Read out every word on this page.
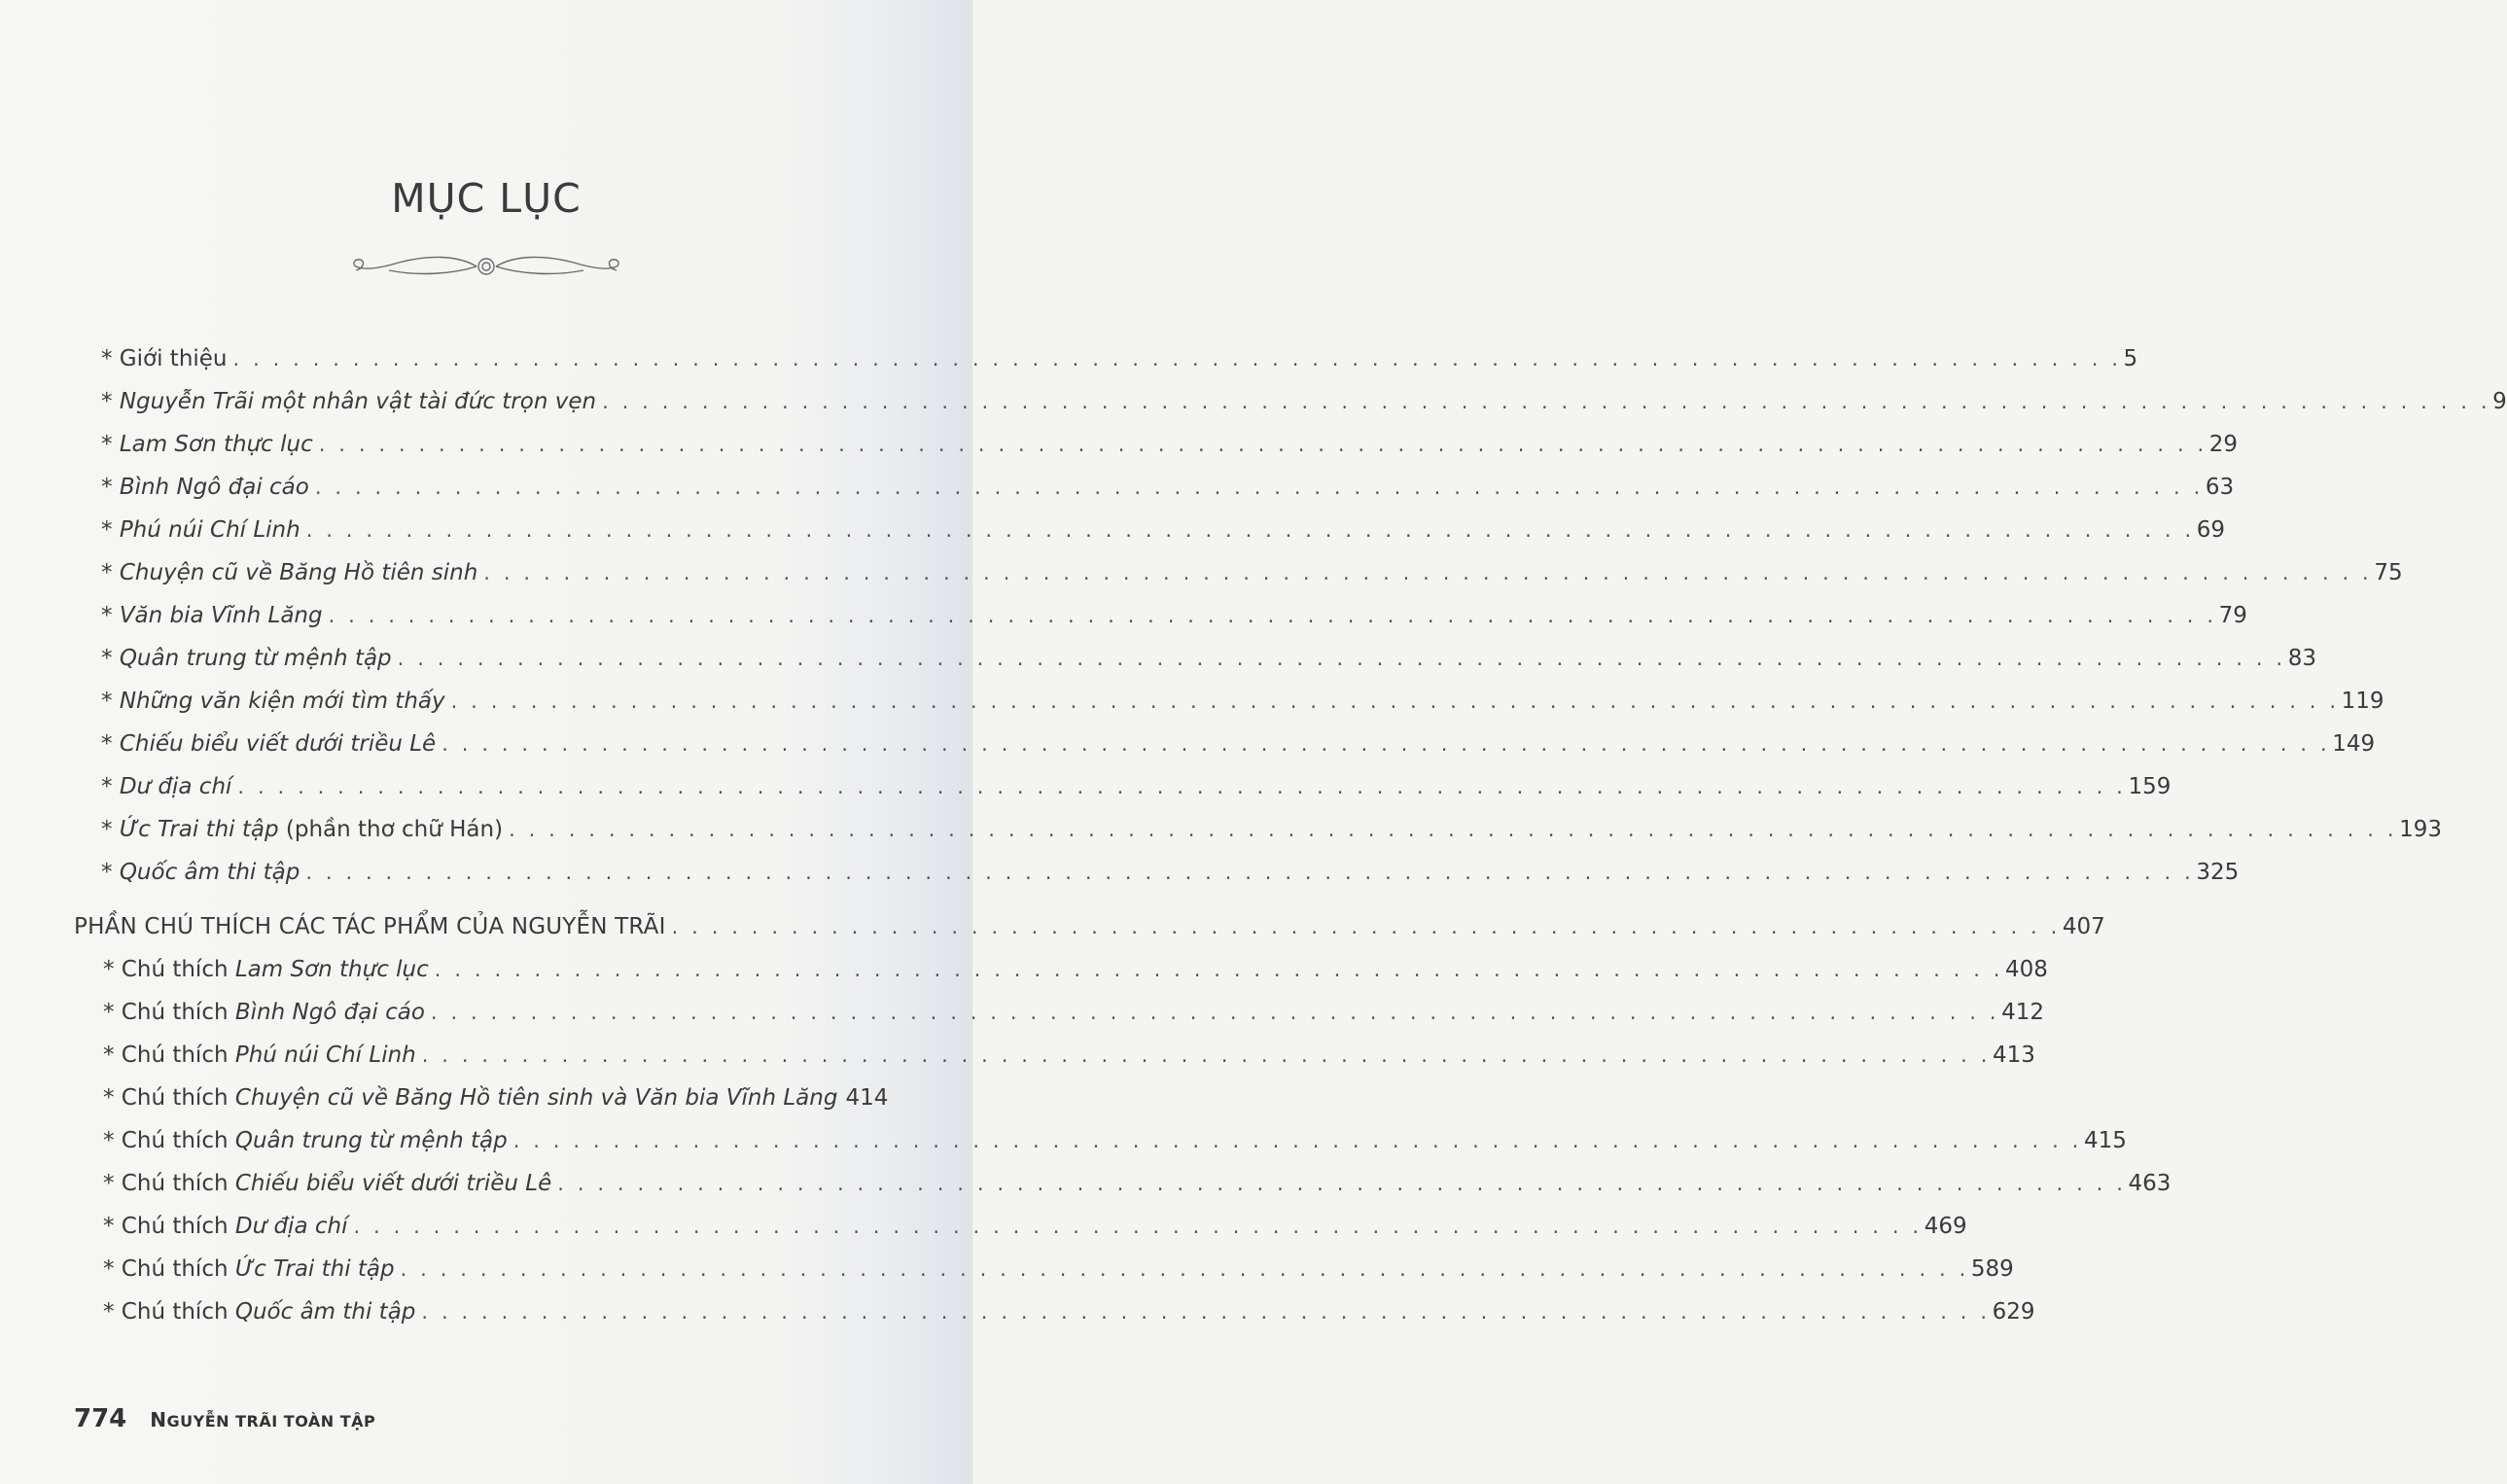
MỤC LỤC
* Giới thiệu . . . . . . . . . . . . . . . . . . . . . . . . . . . . . . . . . . . . . . . . . . . . . . . . . . . . . . . . . . . . . . . . . . . . . . . . . . . . . . . . . . . . . . . . . . . . . . . 5
* Nguyễn Trãi một nhân vật tài đức trọn vẹn . . . . . . . . . . . . . . . . . . . . . . . . . . . . . . . . . . . . . . . . . . . . . . . . . . . . . . . . . . . . . . . . . . . . . . . . . . . . . . . . . . . . . . . . . . . . . . . 9
* Lam Sơn thực lục . . . . . . . . . . . . . . . . . . . . . . . . . . . . . . . . . . . . . . . . . . . . . . . . . . . . . . . . . . . . . . . . . . . . . . . . . . . . . . . . . . . . . . . . . . . . . . . 29
* Bình Ngô đại cáo . . . . . . . . . . . . . . . . . . . . . . . . . . . . . . . . . . . . . . . . . . . . . . . . . . . . . . . . . . . . . . . . . . . . . . . . . . . . . . . . . . . . . . . . . . . . . . . 63
* Phú núi Chí Linh . . . . . . . . . . . . . . . . . . . . . . . . . . . . . . . . . . . . . . . . . . . . . . . . . . . . . . . . . . . . . . . . . . . . . . . . . . . . . . . . . . . . . . . . . . . . . . . 69
* Chuyện cũ về Băng Hồ tiên sinh . . . . . . . . . . . . . . . . . . . . . . . . . . . . . . . . . . . . . . . . . . . . . . . . . . . . . . . . . . . . . . . . . . . . . . . . . . . . . . . . . . . . . . . . . . . . . . . 75
* Văn bia Vĩnh Lăng . . . . . . . . . . . . . . . . . . . . . . . . . . . . . . . . . . . . . . . . . . . . . . . . . . . . . . . . . . . . . . . . . . . . . . . . . . . . . . . . . . . . . . . . . . . . . . . 79
* Quân trung từ mệnh tập . . . . . . . . . . . . . . . . . . . . . . . . . . . . . . . . . . . . . . . . . . . . . . . . . . . . . . . . . . . . . . . . . . . . . . . . . . . . . . . . . . . . . . . . . . . . . . . 83
* Những văn kiện mới tìm thấy . . . . . . . . . . . . . . . . . . . . . . . . . . . . . . . . . . . . . . . . . . . . . . . . . . . . . . . . . . . . . . . . . . . . . . . . . . . . . . . . . . . . . . . . . . . . . . . 119
* Chiếu biểu viết dưới triều Lê . . . . . . . . . . . . . . . . . . . . . . . . . . . . . . . . . . . . . . . . . . . . . . . . . . . . . . . . . . . . . . . . . . . . . . . . . . . . . . . . . . . . . . . . . . . . . . . 149
* Dư địa chí . . . . . . . . . . . . . . . . . . . . . . . . . . . . . . . . . . . . . . . . . . . . . . . . . . . . . . . . . . . . . . . . . . . . . . . . . . . . . . . . . . . . . . . . . . . . . . . 159
* Ức Trai thi tập (phần thơ chữ Hán) . . . . . . . . . . . . . . . . . . . . . . . . . . . . . . . . . . . . . . . . . . . . . . . . . . . . . . . . . . . . . . . . . . . . . . . . . . . . . . . . . . . . . . . . . . . . . . . 193
* Quốc âm thi tập . . . . . . . . . . . . . . . . . . . . . . . . . . . . . . . . . . . . . . . . . . . . . . . . . . . . . . . . . . . . . . . . . . . . . . . . . . . . . . . . . . . . . . . . . . . . . . . 325
PHẦN CHÚ THÍCH CÁC TÁC PHẨM CỦA NGUYỄN TRÃI . . . . . . . . . . . . . . . . . . . . . . . . . . . . . . . . . . . . . . . . . . . . . . . . . . . . . . . . . . . . . . . . . . . . . . 407
* Chú thích Lam Sơn thực lục . . . . . . . . . . . . . . . . . . . . . . . . . . . . . . . . . . . . . . . . . . . . . . . . . . . . . . . . . . . . . . . . . . . . . . . . . . . . . . . 408
* Chú thích Bình Ngô đại cáo . . . . . . . . . . . . . . . . . . . . . . . . . . . . . . . . . . . . . . . . . . . . . . . . . . . . . . . . . . . . . . . . . . . . . . . . . . . . . . . 412
* Chú thích Phú núi Chí Linh . . . . . . . . . . . . . . . . . . . . . . . . . . . . . . . . . . . . . . . . . . . . . . . . . . . . . . . . . . . . . . . . . . . . . . . . . . . . . . . 413
* Chú thích Chuyện cũ về Băng Hồ tiên sinh và Văn bia Vĩnh Lăng 414
* Chú thích Quân trung từ mệnh tập . . . . . . . . . . . . . . . . . . . . . . . . . . . . . . . . . . . . . . . . . . . . . . . . . . . . . . . . . . . . . . . . . . . . . . . . . . . . . . . 415
* Chú thích Chiếu biểu viết dưới triều Lê . . . . . . . . . . . . . . . . . . . . . . . . . . . . . . . . . . . . . . . . . . . . . . . . . . . . . . . . . . . . . . . . . . . . . . . . . . . . . . . 463
* Chú thích Dư địa chí . . . . . . . . . . . . . . . . . . . . . . . . . . . . . . . . . . . . . . . . . . . . . . . . . . . . . . . . . . . . . . . . . . . . . . . . . . . . . . . 469
* Chú thích Ức Trai thi tập . . . . . . . . . . . . . . . . . . . . . . . . . . . . . . . . . . . . . . . . . . . . . . . . . . . . . . . . . . . . . . . . . . . . . . . . . . . . . . . 589
* Chú thích Quốc âm thi tập . . . . . . . . . . . . . . . . . . . . . . . . . . . . . . . . . . . . . . . . . . . . . . . . . . . . . . . . . . . . . . . . . . . . . . . . . . . . . . . 629
774 NGUYỄN TRÃI TOÀN TẬP
